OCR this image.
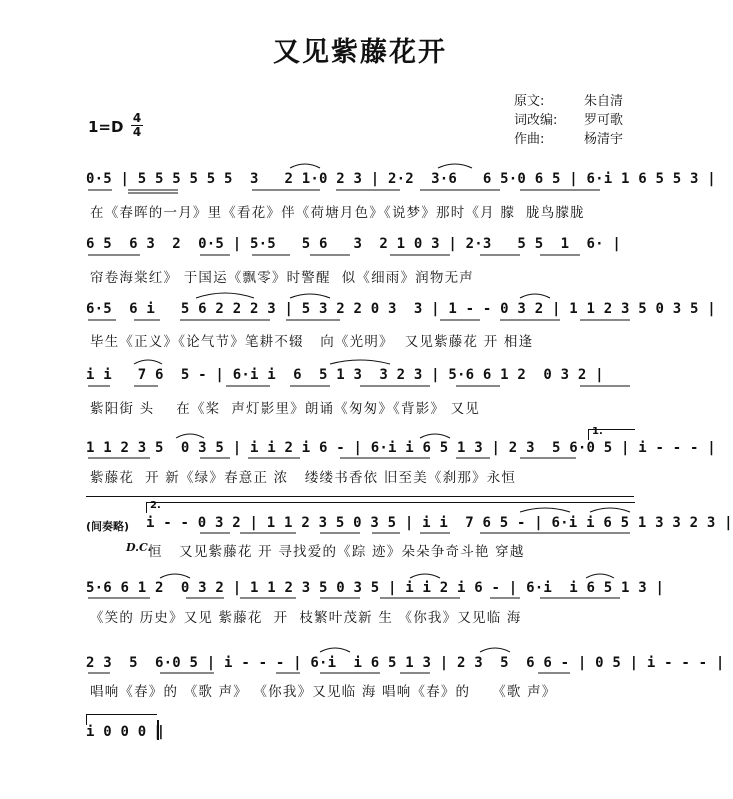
又见紫藤花开
1=D 4
4
原文:	朱自清
词改编:	罗可歌
作曲:	杨清宇
0·5 | 5 5 5 5 5 5  3   2 1·0 2 3 | 2·2  3·6   6 5·0 6 5 | 6·i 1 6 5 5 3 |
在《春晖的一月》里《看花》伴《荷塘月色》《说梦》那时《月 朦  胧鸟朦胧
6 5  6 3  2  0·5 | 5·5   5 6   3  2 1 0 3 | 2·3   5 5  1  6· |
帘卷海棠红》 于国运《飘零》时警醒  似《细雨》润物无声
6·5  6 i   5 6 2 2 2 3 | 5 3 2 2 0 3  3 | 1 - - 0 3 2 | 1 1 2 3 5 0 3 5 |
毕生《正义》《论气节》笔耕不辍   向《光明》  又见紫藤花 开 相逢
i i   7 6  5 - | 6·i i  6  5 1 3  3 2 3 | 5·6 6 1 2  0 3 2 |
紫阳街 头    在《桨  声灯影里》朗诵《匆匆》《背影》 又见
1.
1 1 2 3 5  0 3 5 | i i 2 i 6 - | 6·i i 6 5 1 3 | 2 3  5 6·0 5 | i - - - |
紫藤花  开 新《绿》春意正 浓   缕缕书香依 旧至美《刹那》永恒
2.
(间奏略) i - - 0 3 2 | 1 1 2 3 5 0 3 5 | i i  7 6 5 - | 6·i i 6 5 1 3 3 2 3 |
D.C.
恒   又见紫藤花 开 寻找爱的《踪 迹》朵朵争奇斗艳 穿越
5·6 6 1 2  0 3 2 | 1 1 2 3 5 0 3 5 | i i 2 i 6 - | 6·i  i 6 5 1 3 |
《笑的 历史》又见 紫藤花  开  枝繁叶茂新 生 《你我》又见临 海
2 3  5  6·0 5 | i - - - | 6·i  i 6 5 1 3 | 2 3  5  6 6 - | 0 5 | i - - - |
唱响《春》的 《歌 声》 《你我》又见临 海 唱响《春》的    《歌 声》
i 0 0 0 ‖
